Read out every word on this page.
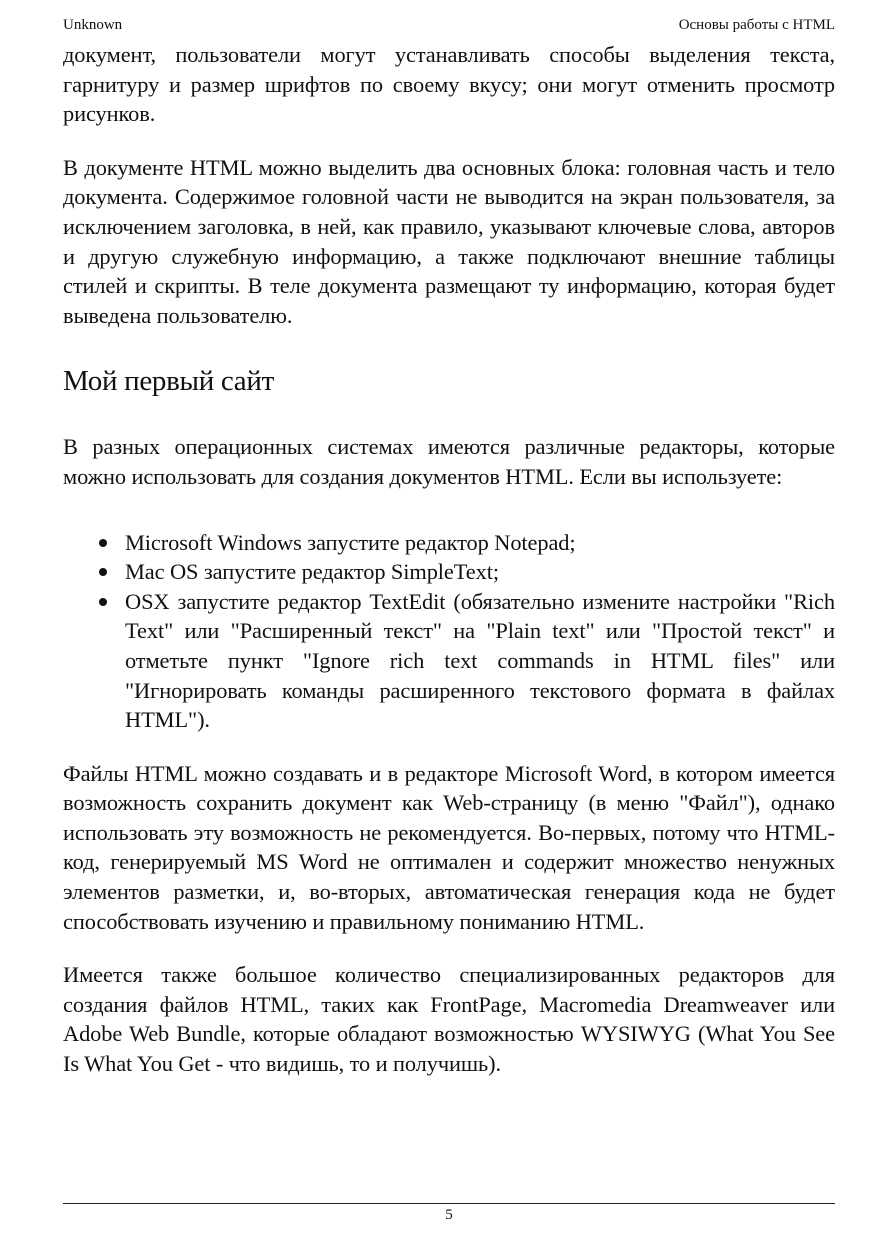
Unknown	Основы работы с HTML

документ, пользователи могут устанавливать способы выделения текста, гарнитуру и размер шрифтов по своему вкусу; они могут отменить просмотр рисунков.

В документе HTML можно выделить два основных блока: головная часть и тело документа. Содержимое головной части не выводится на экран пользователя, за исключением заголовка, в ней, как правило, указывают ключевые слова, авторов и другую служебную информацию, а также подключают внешние таблицы стилей и скрипты. В теле документа размещают ту информацию, которая будет выведена пользователю.

Мой первый сайт

В разных операционных системах имеются различные редакторы, которые можно использовать для создания документов HTML. Если вы используете:

Microsoft Windows запустите редактор Notepad;
Mac OS запустите редактор SimpleText;
OSX запустите редактор TextEdit (обязательно измените настройки "Rich Text" или "Расширенный текст" на "Plain text" или "Простой текст" и отметьте пункт "Ignore rich text commands in HTML files" или "Игнорировать команды расширенного текстового формата в файлах HTML").

Файлы HTML можно создавать и в редакторе Microsoft Word, в котором имеется возможность сохранить документ как Web-страницу (в меню "Файл"), однако использовать эту возможность не рекомендуется. Во-первых, потому что HTML-код, генерируемый MS Word не оптимален и содержит множество ненужных элементов разметки, и, во-вторых, автоматическая генерация кода не будет способствовать изучению и правильному пониманию HTML.

Имеется также большое количество специализированных редакторов для создания файлов HTML, таких как FrontPage, Macromedia Dreamweaver или Adobe Web Bundle, которые обладают возможностью WYSIWYG (What You See Is What You Get - что видишь, то и получишь).

5
